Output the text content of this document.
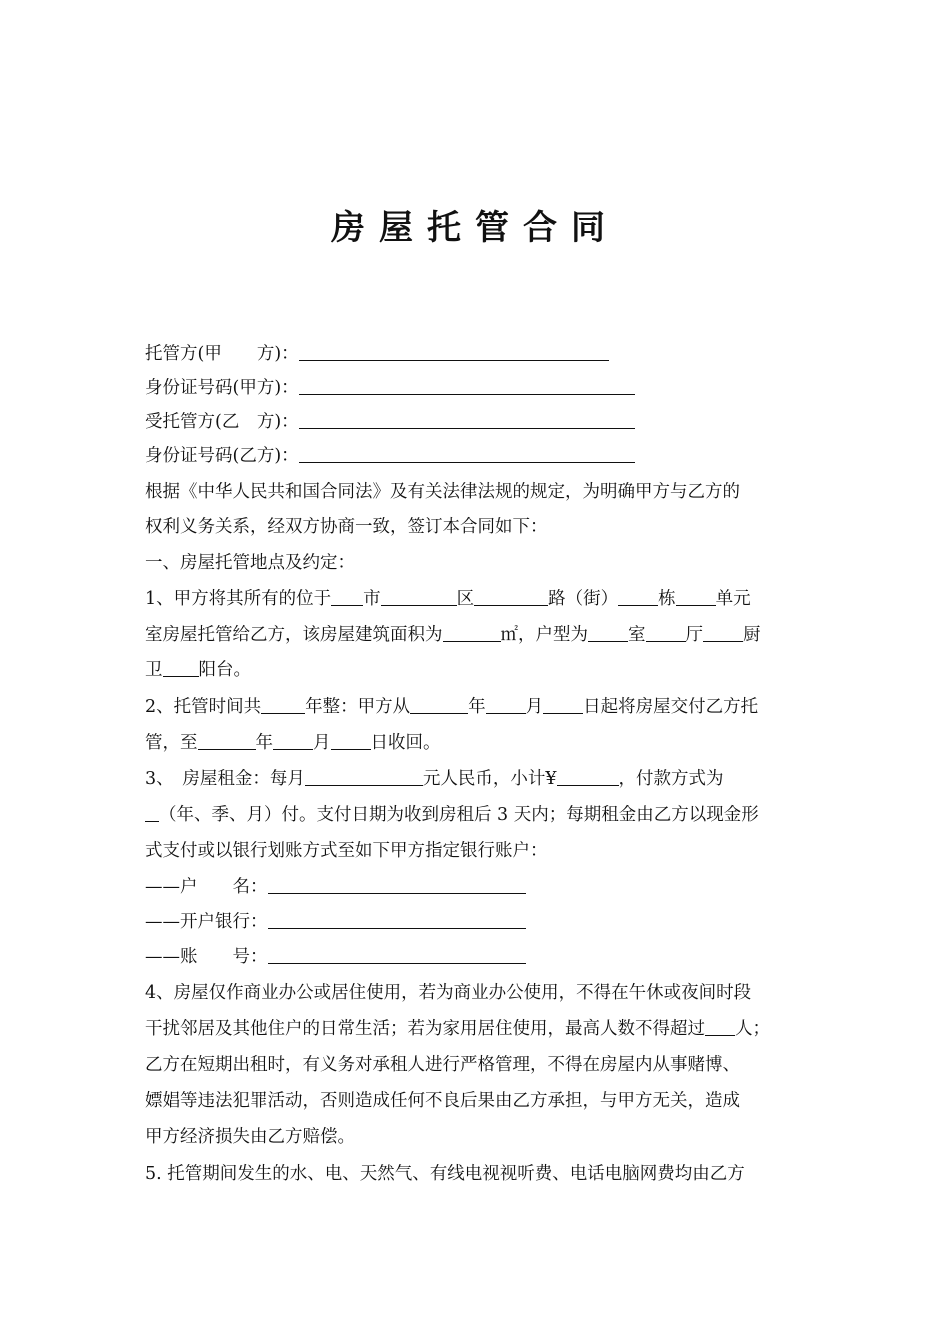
房屋托管合同
托管方(甲　　方)：
身份证号码(甲方)：
受托管方(乙　方)：
身份证号码(乙方)：
根据《中华人民共和国合同法》及有关法律法规的规定，为明确甲方与乙方的
权利义务关系，经双方协商一致，签订本合同如下：
一、房屋托管地点及约定：
1、甲方将其所有的位于 市	区	路（街） 栋 单元
室房屋托管给乙方，该房屋建筑面积为	㎡，户型为 室 厅 厨
卫 阳台。
2、托管时间共	年整：甲方从	年 月 日起将房屋交付乙方托
管，至	年 月 日收回。
3、　房屋租金：每月	元人民币，小计¥	，付款方式为
（年、季、月）付。支付日期为收到房租后 3 天内；每期租金由乙方以现金形
式支付或以银行划账方式至如下甲方指定银行账户：
——户　　名：
——开户银行：
——账　　号：
4、房屋仅作商业办公或居住使用，若为商业办公使用，不得在午休或夜间时段
干扰邻居及其他住户的日常生活；若为家用居住使用，最高人数不得超过 人；
乙方在短期出租时，有义务对承租人进行严格管理，不得在房屋内从事赌博、
嫖娼等违法犯罪活动，否则造成任何不良后果由乙方承担，与甲方无关，造成
甲方经济损失由乙方赔偿。
5. 托管期间发生的水、电、天然气、有线电视视听费、电话电脑网费均由乙方
